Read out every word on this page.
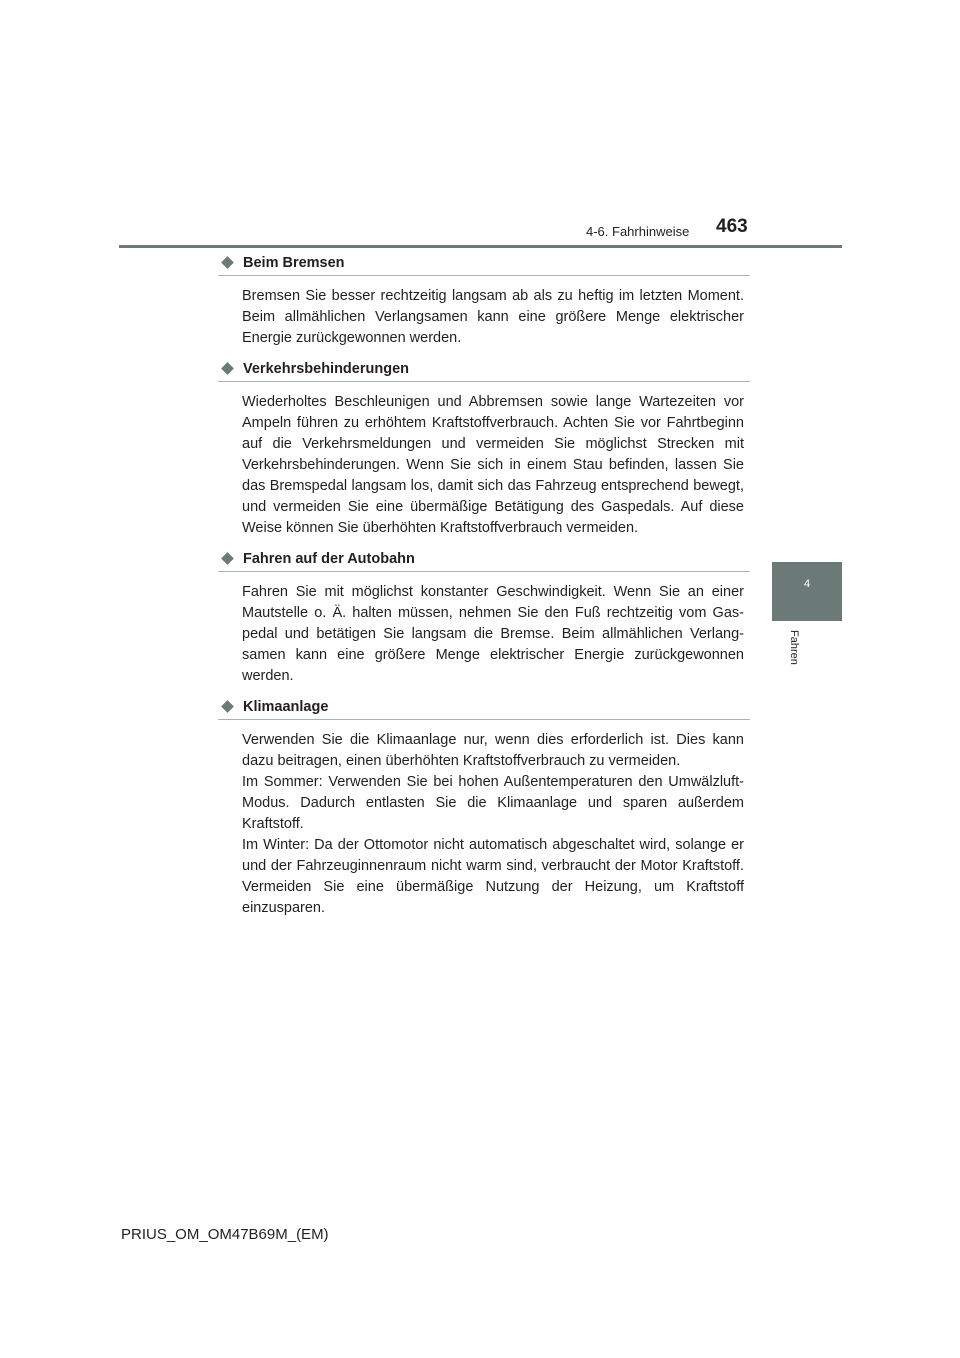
4-6. Fahrhinweise 463
4
Fahren
Beim Bremsen

Bremsen Sie besser rechtzeitig langsam ab als zu heftig im letzten Moment. Beim allmählichen Verlangsamen kann eine größere Menge elektrischer Energie zurückgewonnen werden.

Verkehrsbehinderungen

Wiederholtes Beschleunigen und Abbremsen sowie lange Wartezeiten vor Ampeln führen zu erhöhtem Kraftstoffverbrauch. Achten Sie vor Fahrtbeginn auf die Verkehrsmeldungen und vermeiden Sie möglichst Strecken mit Verkehrsbehinderungen. Wenn Sie sich in einem Stau befinden, lassen Sie das Bremspedal langsam los, damit sich das Fahrzeug entsprechend bewegt, und vermeiden Sie eine übermäßige Betätigung des Gaspedals. Auf diese Weise können Sie überhöhten Kraftstoffverbrauch vermeiden.

Fahren auf der Autobahn

Fahren Sie mit möglichst konstanter Geschwindigkeit. Wenn Sie an einer Mautstelle o. Ä. halten müssen, nehmen Sie den Fuß rechtzeitig vom Gaspedal und betätigen Sie langsam die Bremse. Beim allmählichen Verlangsamen kann eine größere Menge elektrischer Energie zurückgewonnen werden.

Klimaanlage

Verwenden Sie die Klimaanlage nur, wenn dies erforderlich ist. Dies kann dazu beitragen, einen überhöhten Kraftstoffverbrauch zu vermeiden.

Im Sommer: Verwenden Sie bei hohen Außentemperaturen den Umwälzluft-Modus. Dadurch entlasten Sie die Klimaanlage und sparen außerdem Kraftstoff.

Im Winter: Da der Ottomotor nicht automatisch abgeschaltet wird, solange er und der Fahrzeuginnenraum nicht warm sind, verbraucht der Motor Kraftstoff. Vermeiden Sie eine übermäßige Nutzung der Heizung, um Kraftstoff einzusparen.

PRIUS_OM_OM47B69M_(EM)
